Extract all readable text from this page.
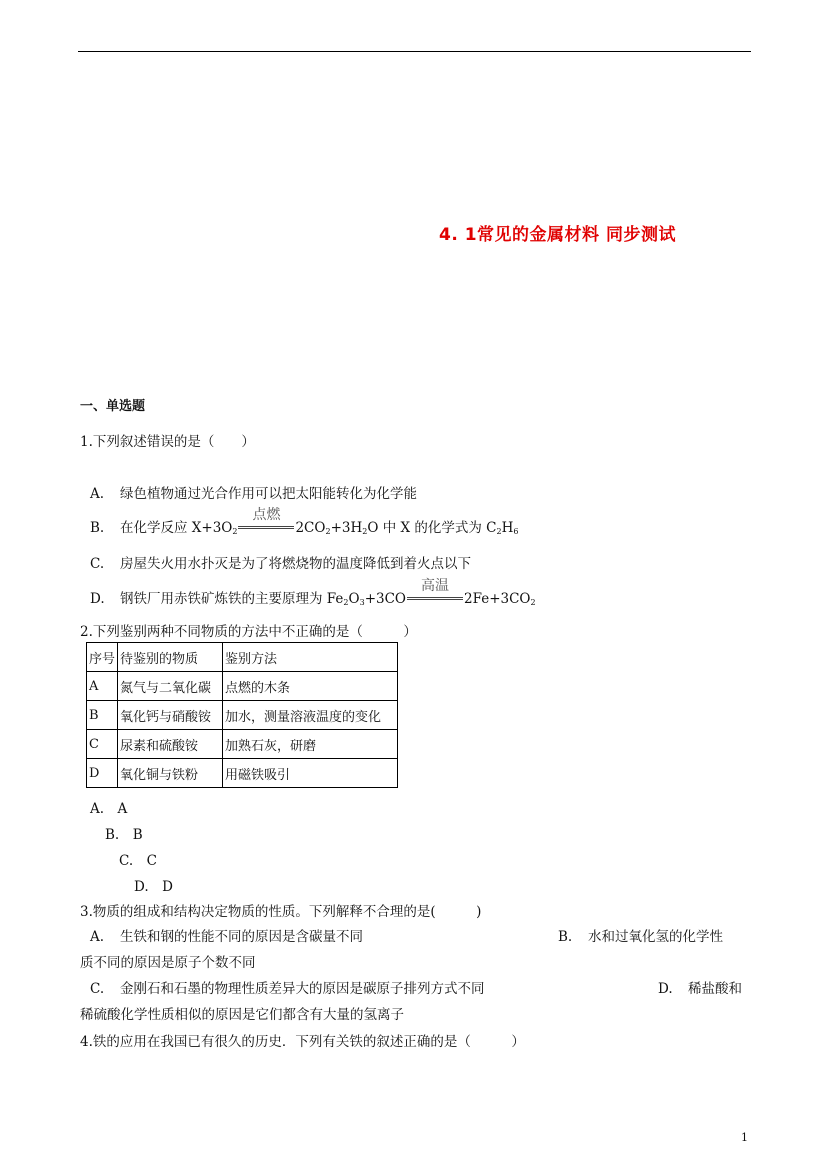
4. 1常见的金属材料 同步测试
一、单选题
1.下列叙述错误的是（　　）
A. 绿色植物通过光合作用可以把太阳能转化为化学能
B. 在化学反应 $X+3O_2$
点燃
$2CO_2+3H_2O$ 中 X 的化学式为 $C_2H_6$
C. 房屋失火用水扑灭是为了将燃烧物的温度降低到着火点以下
D. 钢铁厂用赤铁矿炼铁的主要原理为 $Fe_2O_3+3CO$
高温
$2Fe+3CO_2$
2.下列鉴别两种不同物质的方法中不正确的是（　　　）
序号	待鉴别的物质	鉴别方法
A	氮气与二氧化碳	点燃的木条
B	氧化钙与硝酸铵	加水，测量溶液温度的变化
C	尿素和硫酸铵	加熟石灰，研磨
D	氧化铜与铁粉	用磁铁吸引
A.　A
B.　B
C.　C
D.　D
3.物质的组成和结构决定物质的性质。下列解释不合理的是(　　　)
A. 生铁和钢的性能不同的原因是含碳量不同	B. 水和过氧化氢的化学性
质不同的原因是原子个数不同
C. 金刚石和石墨的物理性质差异大的原因是碳原子排列方式不同	D. 稀盐酸和
稀硫酸化学性质相似的原因是它们都含有大量的氢离子
4.铁的应用在我国已有很久的历史．下列有关铁的叙述正确的是（　　　）
1
